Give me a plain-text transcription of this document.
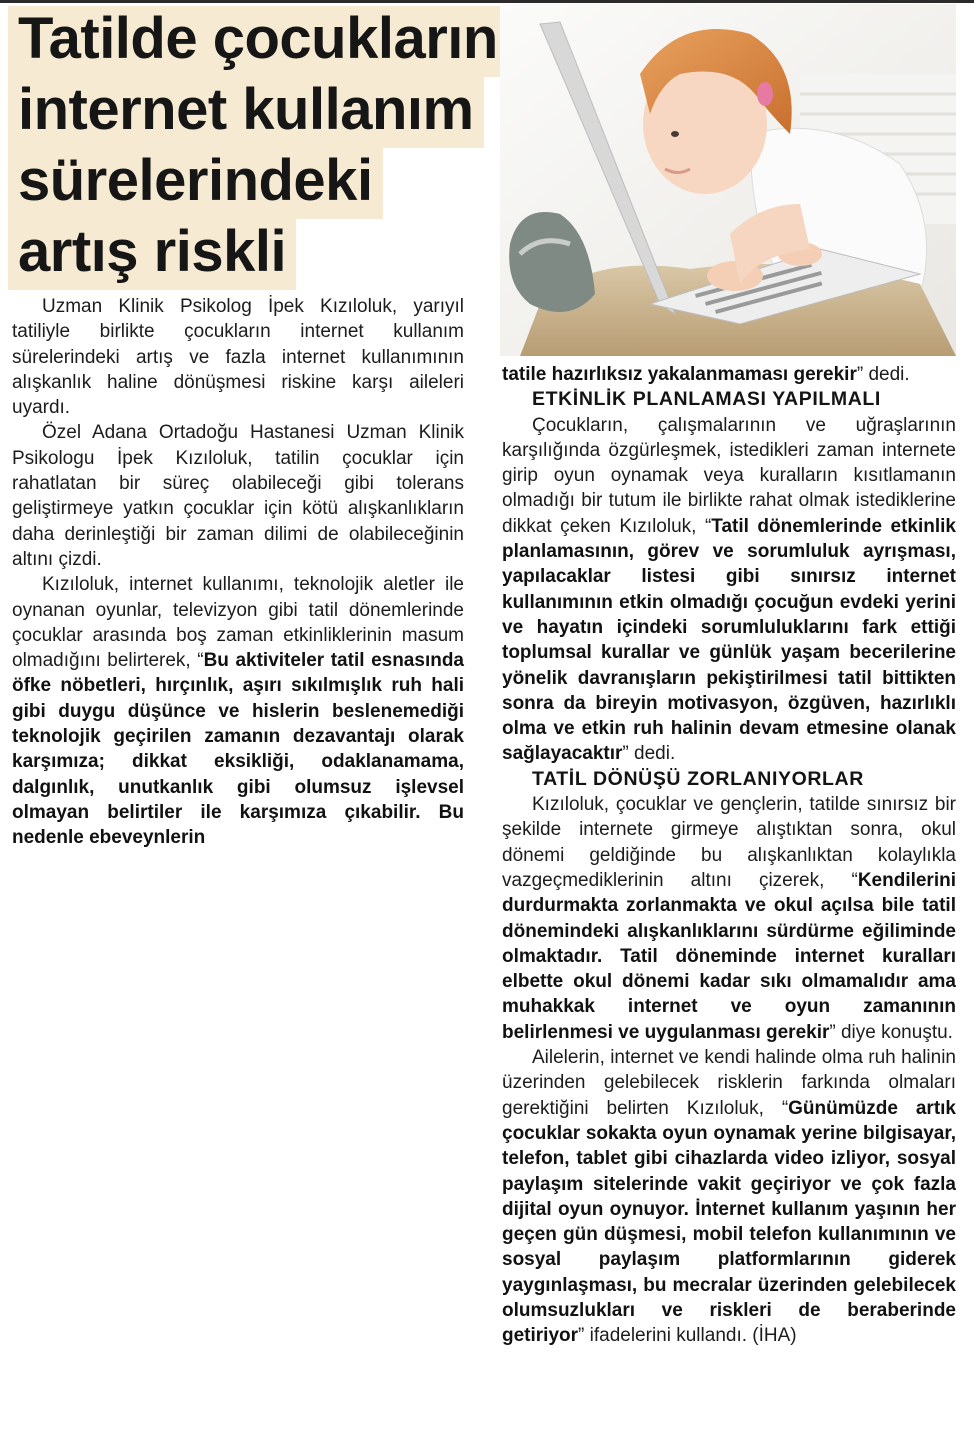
Tatilde çocukların
internet kullanım
sürelerindeki
artış riskli

Uzman Klinik Psikolog İpek Kızıloluk, yarıyıl tatiliyle birlikte çocukların internet kullanım sürelerindeki artış ve fazla internet kullanımının alışkanlık haline dönüşmesi riskine karşı aileleri uyardı.

Özel Adana Ortadoğu Hastanesi Uzman Klinik Psikologu İpek Kızıloluk, tatilin çocuklar için rahatlatan bir süreç olabileceği gibi tolerans geliştirmeye yatkın çocuklar için kötü alışkanlıkların daha derinleştiği bir zaman dilimi de olabileceğinin altını çizdi.

Kızıloluk, internet kullanımı, teknolojik aletler ile oynanan oyunlar, televizyon gibi tatil dönemlerinde çocuklar arasında boş zaman etkinliklerinin masum olmadığını belirterek, “Bu aktiviteler tatil esnasında öfke nöbetleri, hırçınlık, aşırı sıkılmışlık ruh hali gibi duygu düşünce ve hislerin beslenemediği teknolojik geçirilen zamanın dezavantajı olarak karşımıza; dikkat eksikliği, odaklanamama, dalgınlık, unutkanlık gibi olumsuz işlevsel olmayan belirtiler ile karşımıza çıkabilir. Bu nedenle ebeveynlerin

tatile hazırlıksız yakalanmaması gerekir” dedi.

ETKİNLİK PLANLAMASI YAPILMALI

Çocukların, çalışmalarının ve uğraşlarının karşılığında özgürleşmek, istedikleri zaman internete girip oyun oynamak veya kuralların kısıtlamanın olmadığı bir tutum ile birlikte rahat olmak istediklerine dikkat çeken Kızıloluk, “Tatil dönemlerinde etkinlik planlamasının, görev ve sorumluluk ayrışması, yapılacaklar listesi gibi sınırsız internet kullanımının etkin olmadığı çocuğun evdeki yerini ve hayatın içindeki sorumluluklarını fark ettiği toplumsal kurallar ve günlük yaşam becerilerine yönelik davranışların pekiştirilmesi tatil bittikten sonra da bireyin motivasyon, özgüven, hazırlıklı olma ve etkin ruh halinin devam etmesine olanak sağlayacaktır” dedi.

TATİL DÖNÜŞÜ ZORLANIYORLAR

Kızıloluk, çocuklar ve gençlerin, tatilde sınırsız bir şekilde internete girmeye alıştıktan sonra, okul dönemi geldiğinde bu alışkanlıktan kolaylıkla vazgeçmediklerinin altını çizerek, “Kendilerini durdurmakta zorlanmakta ve okul açılsa bile tatil dönemindeki alışkanlıklarını sürdürme eğiliminde olmaktadır. Tatil döneminde internet kuralları elbette okul dönemi kadar sıkı olmamalıdır ama muhakkak internet ve oyun zamanının belirlenmesi ve uygulanması gerekir” diye konuştu.

Ailelerin, internet ve kendi halinde olma ruh halinin üzerinden gelebilecek risklerin farkında olmaları gerektiğini belirten Kızıloluk, “Günümüzde artık çocuklar sokakta oyun oynamak yerine bilgisayar, telefon, tablet gibi cihazlarda video izliyor, sosyal paylaşım sitelerinde vakit geçiriyor ve çok fazla dijital oyun oynuyor. İnternet kullanım yaşının her geçen gün düşmesi, mobil telefon kullanımının ve sosyal paylaşım platformlarının giderek yaygınlaşması, bu mecralar üzerinden gelebilecek olumsuzlukları ve riskleri de beraberinde getiriyor” ifadelerini kullandı. (İHA)
